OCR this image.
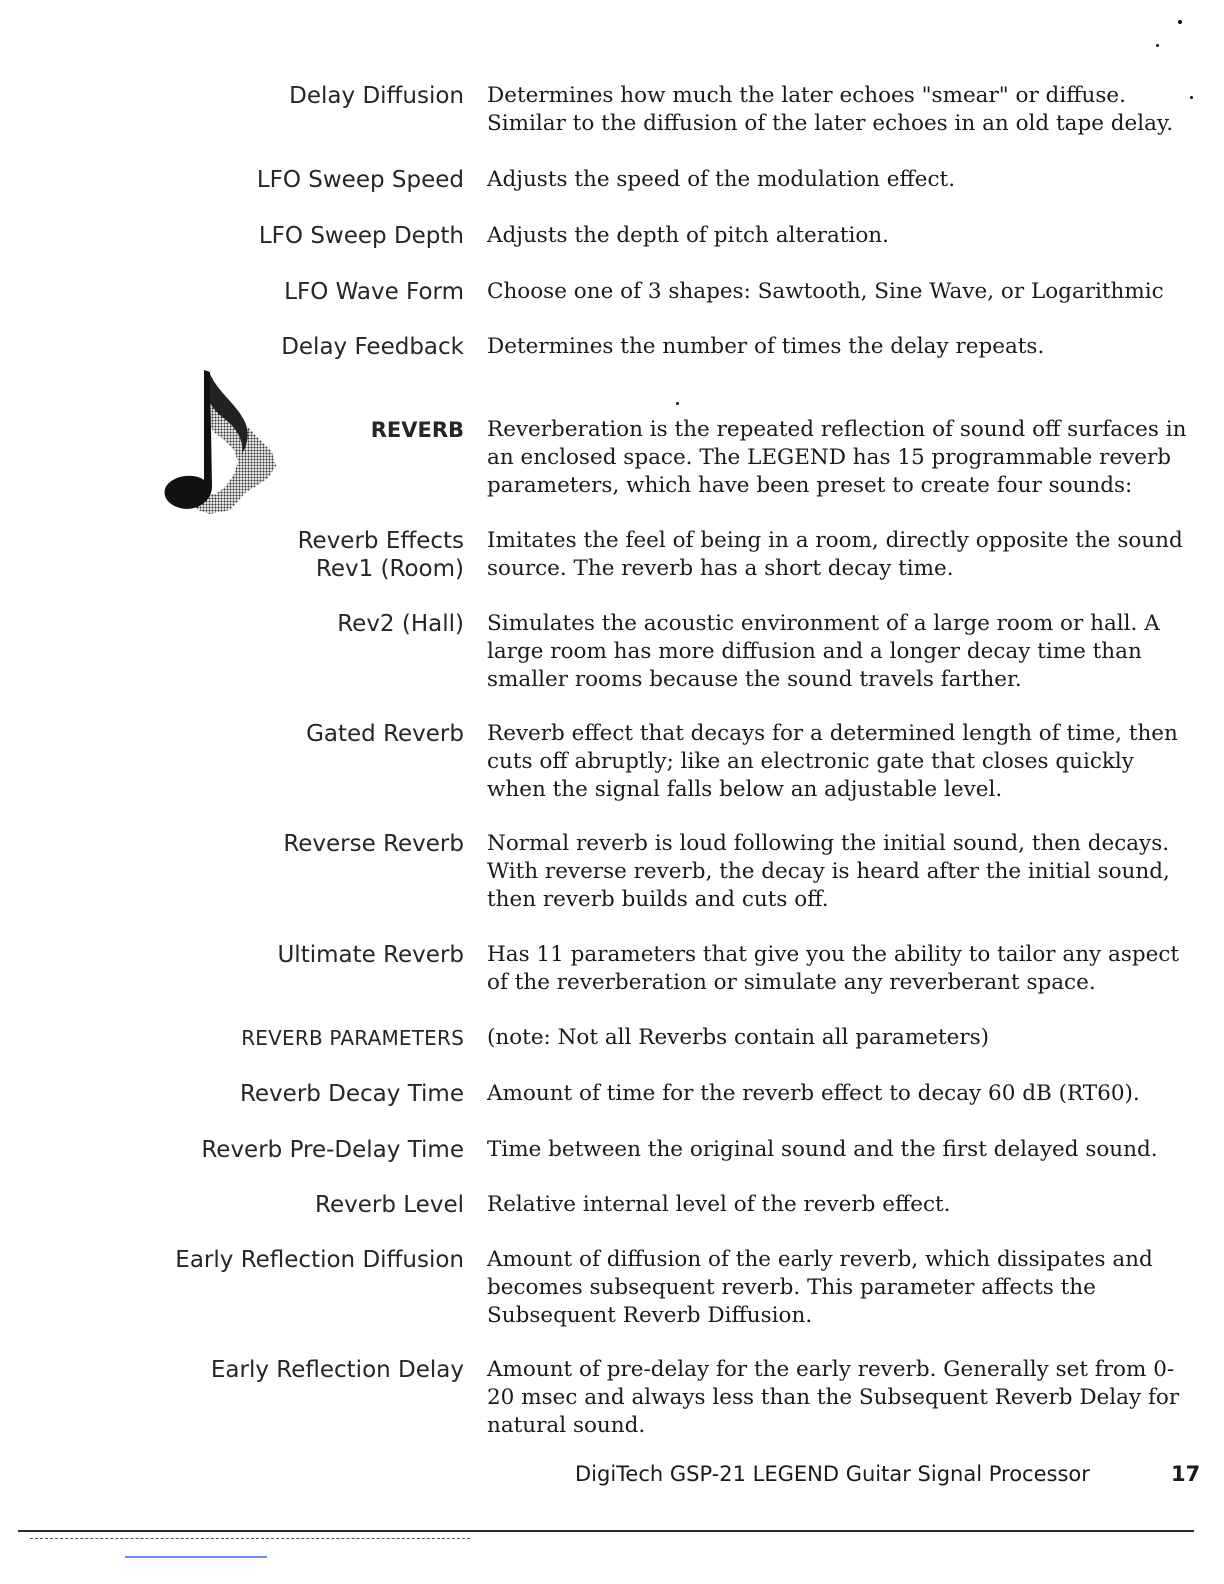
Delay Diffusion Determines how much the later echoes "smear" or diffuse.
Similar to the diffusion of the later echoes in an old tape delay.
LFO Sweep Speed Adjusts the speed of the modulation effect.
LFO Sweep Depth Adjusts the depth of pitch alteration.
LFO Wave Form Choose one of 3 shapes: Sawtooth, Sine Wave, or Logarithmic
Delay Feedback Determines the number of times the delay repeats.
REVERB Reverberation is the repeated reflection of sound off surfaces in
an enclosed space. The LEGEND has 15 programmable reverb
parameters, which have been preset to create four sounds:
Reverb Effects
Rev1 (Room)
Imitates the feel of being in a room, directly opposite the sound
source. The reverb has a short decay time.
Rev2 (Hall) Simulates the acoustic environment of a large room or hall. A
large room has more diffusion and a longer decay time than
smaller rooms because the sound travels farther.
Gated Reverb Reverb effect that decays for a determined length of time, then
cuts off abruptly; like an electronic gate that closes quickly
when the signal falls below an adjustable level.
Reverse Reverb Normal reverb is loud following the initial sound, then decays.
With reverse reverb, the decay is heard after the initial sound,
then reverb builds and cuts off.
Ultimate Reverb Has 11 parameters that give you the ability to tailor any aspect
of the reverberation or simulate any reverberant space.
REVERB PARAMETERS (note: Not all Reverbs contain all parameters)
Reverb Decay Time Amount of time for the reverb effect to decay 60 dB (RT60).
Reverb Pre-Delay Time Time between the original sound and the first delayed sound.
Reverb Level Relative internal level of the reverb effect.
Early Reflection Diffusion Amount of diffusion of the early reverb, which dissipates and
becomes subsequent reverb. This parameter affects the
Subsequent Reverb Diffusion.
Early Reflection Delay Amount of pre-delay for the early reverb. Generally set from 0-
20 msec and always less than the Subsequent Reverb Delay for
natural sound.
DigiTech GSP-21 LEGEND Guitar Signal Processor	17
